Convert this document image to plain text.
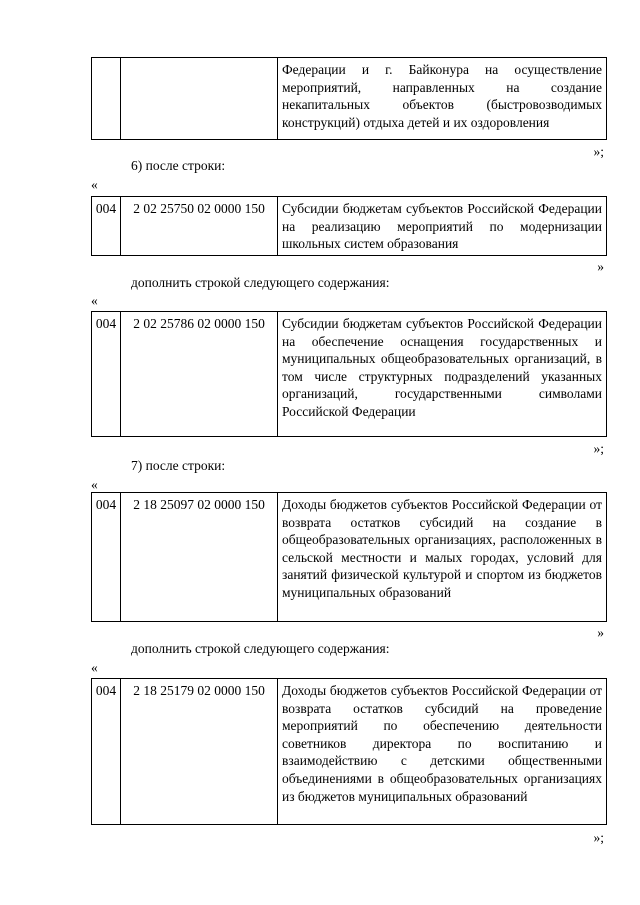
		Федерации и г. Байконура на осуществление мероприятий, направленных на создание некапитальных объектов (быстровозводимых конструкций) отдыха детей и их оздоровления
»;
6) после строки:
«
004	2 02 25750 02 0000 150	Субсидии бюджетам субъектов Российской Федерации на реализацию мероприятий по модернизации школьных систем образования
»
дополнить строкой следующего содержания:
«
004	2 02 25786 02 0000 150	Субсидии бюджетам субъектов Российской Федерации на обеспечение оснащения государственных и муниципальных общеобразовательных организаций, в том числе структурных подразделений указанных организаций, государственными символами Российской Федерации
»;
7) после строки:
«
004	2 18 25097 02 0000 150	Доходы бюджетов субъектов Российской Федерации от возврата остатков субсидий на создание в общеобразовательных организациях, расположенных в сельской местности и малых городах, условий для занятий физической культурой и спортом из бюджетов муниципальных образований
»
дополнить строкой следующего содержания:
«
004	2 18 25179 02 0000 150	Доходы бюджетов субъектов Российской Федерации от возврата остатков субсидий на проведение мероприятий по обеспечению деятельности советников директора по воспитанию и взаимодействию с детскими общественными объединениями в общеобразовательных организациях из бюджетов муниципальных образований
»;
